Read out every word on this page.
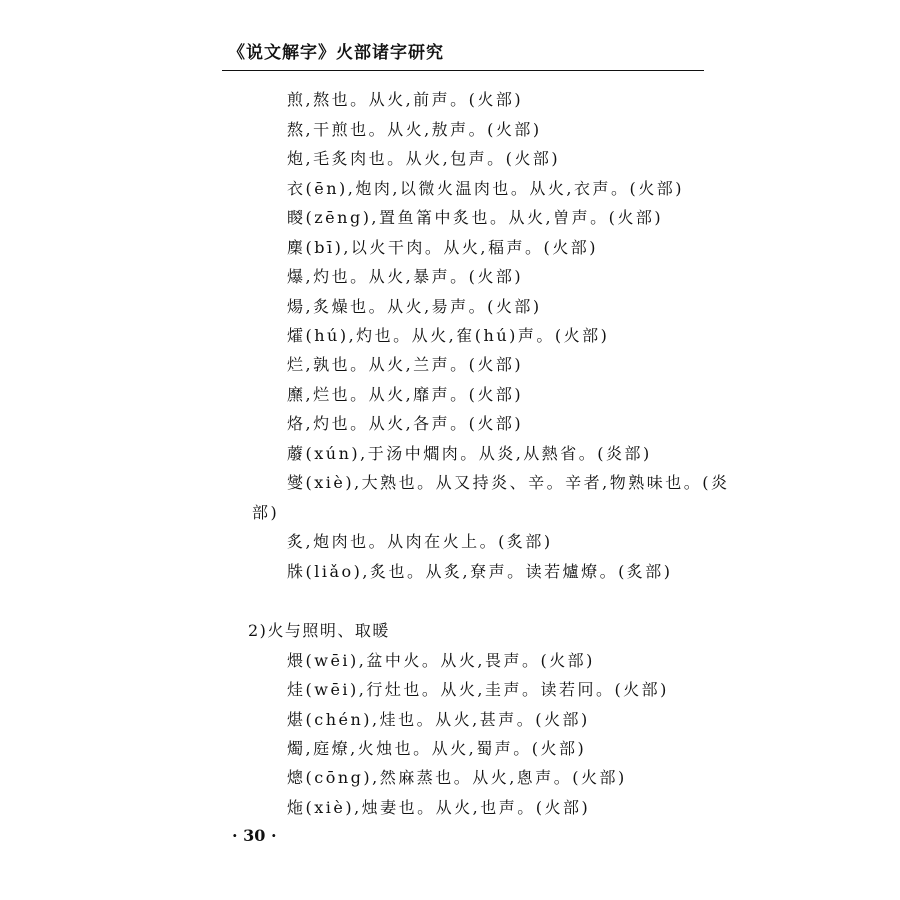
《说文解字》火部诸字研究
煎,熬也。从火,前声。(火部)
熬,干煎也。从火,敖声。(火部)
炮,毛炙肉也。从火,包声。(火部)
衣(ēn),炮肉,以微火温肉也。从火,衣声。(火部)
䁓(zēng),置鱼筩中炙也。从火,曽声。(火部)
䴢(bī),以火干肉。从火,稫声。(火部)
爆,灼也。从火,暴声。(火部)
煬,炙燥也。从火,昜声。(火部)
㸌(hú),灼也。从火,隺(hú)声。(火部)
烂,孰也。从火,兰声。(火部)
爢,烂也。从火,靡声。(火部)
烙,灼也。从火,各声。(火部)
䕠(xún),于汤中爓肉。从炎,从熱省。(炎部)
燮(xiè),大熟也。从又持炎、辛。辛者,物熟味也。(炎
部)
炙,炮肉也。从肉在火上。(炙部)
㸡(liǎo),炙也。从炙,尞声。读若爐燎。(炙部)
2)火与照明、取暖
煨(wēi),盆中火。从火,畏声。(火部)
烓(wēi),行灶也。从火,圭声。读若冋。(火部)
煁(chén),烓也。从火,甚声。(火部)
燭,庭燎,火烛也。从火,蜀声。(火部)
熜(cōng),然麻蒸也。从火,悤声。(火部)
炧(xiè),烛妻也。从火,也声。(火部)
· 30 ·
